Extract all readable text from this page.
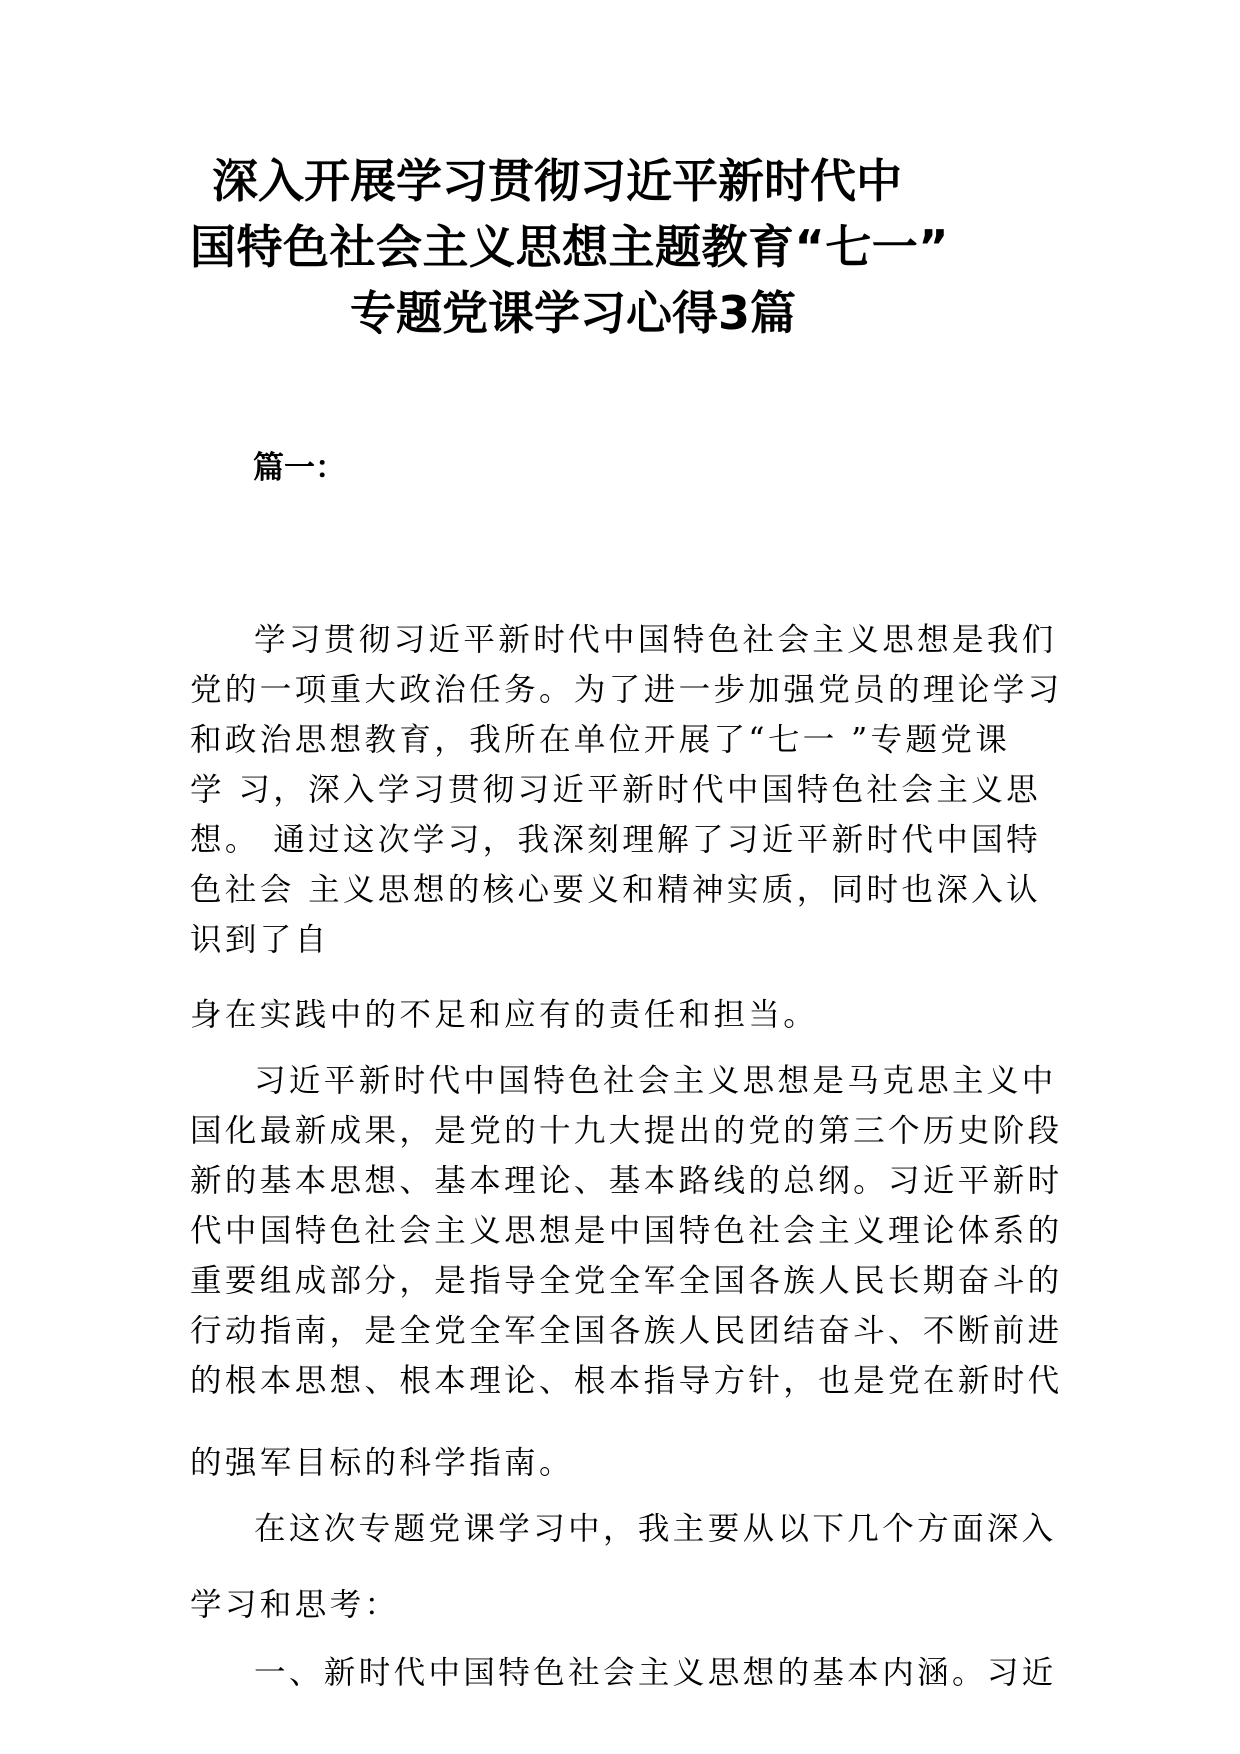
深入开展学习贯彻习近平新时代中
国特色社会主义思想主题教育“七一”
专题党课学习心得3篇
篇一：
学习贯彻习近平新时代中国特色社会主义思想是我们
党的一项重大政治任务。为了进一步加强党员的理论学习
和政治思想教育，我所在单位开展了“七一 ”专题党课
学 习，深入学习贯彻习近平新时代中国特色社会主义思
想。 通过这次学习，我深刻理解了习近平新时代中国特
色社会 主义思想的核心要义和精神实质，同时也深入认
识到了自
身在实践中的不足和应有的责任和担当。
习近平新时代中国特色社会主义思想是马克思主义中
国化最新成果，是党的十九大提出的党的第三个历史阶段
新的基本思想、基本理论、基本路线的总纲。习近平新时
代中国特色社会主义思想是中国特色社会主义理论体系的
重要组成部分，是指导全党全军全国各族人民长期奋斗的
行动指南，是全党全军全国各族人民团结奋斗、不断前进
的根本思想、根本理论、根本指导方针，也是党在新时代
的强军目标的科学指南。
在这次专题党课学习中，我主要从以下几个方面深入
学习和思考：
一、新时代中国特色社会主义思想的基本内涵。习近
